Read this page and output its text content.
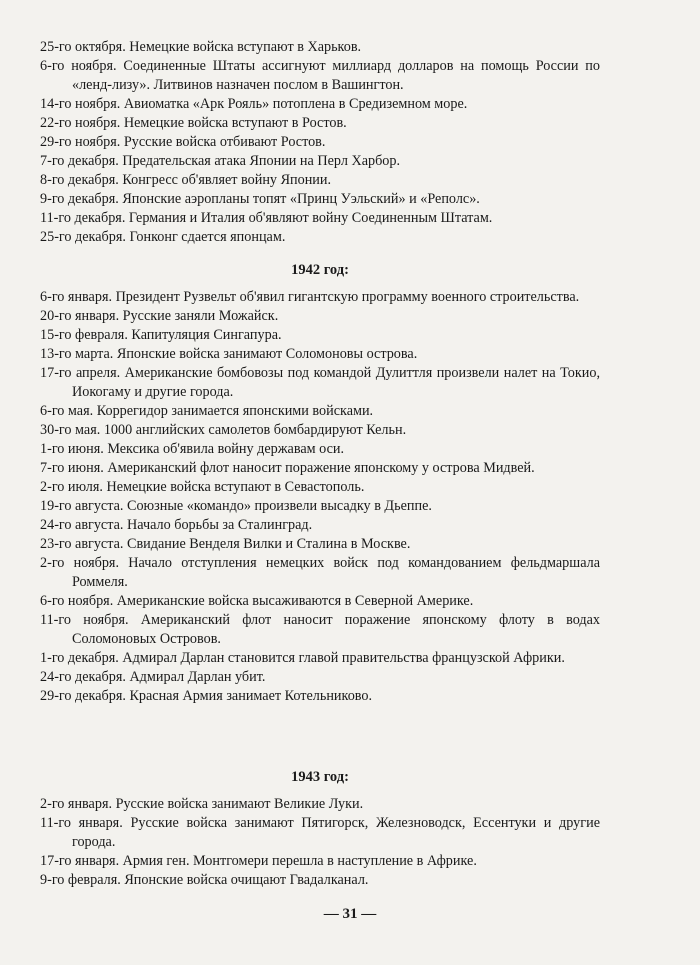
25-го октября. Немецкие войска вступают в Харьков.

6-го ноября. Соединенные Штаты ассигнуют миллиард долларов на помощь России по «ленд-лизу». Литвинов назначен послом в Вашингтон.

14-го ноября. Авиоматка «Арк Рояль» потоплена в Средиземном море.

22-го ноября. Немецкие войска вступают в Ростов.

29-го ноября. Русские войска отбивают Ростов.

7-го декабря. Предательская атака Японии на Перл Харбор.

8-го декабря. Конгресс об'являет войну Японии.

9-го декабря. Японские аэропланы топят «Принц Уэльский» и «Реполс».

11-го декабря. Германия и Италия об'являют войну Соединенным Штатам.

25-го декабря. Гонконг сдается японцам.

1942 год:

6-го января. Президент Рузвельт об'явил гигантскую программу военного строительства.

20-го января. Русские заняли Можайск.

15-го февраля. Капитуляция Сингапура.

13-го марта. Японские войска занимают Соломоновы острова.

17-го апреля. Американские бомбовозы под командой Дулиттля произвели налет на Токио, Иокогаму и другие города.

6-го мая. Коррегидор занимается японскими войсками.

30-го мая. 1000 английских самолетов бомбардируют Кельн.

1-го июня. Мексика об'явила войну державам оси.

7-го июня. Американский флот наносит поражение японскому у острова Мидвей.

2-го июля. Немецкие войска вступают в Севастополь.

19-го августа. Союзные «командо» произвели высадку в Дьеппе.

24-го августа. Начало борьбы за Сталинград.

23-го августа. Свидание Венделя Вилки и Сталина в Москве.

2-го ноября. Начало отступления немецких войск под командованием фельдмаршала Роммеля.

6-го ноября. Американские войска высаживаются в Северной Америке.

11-го ноября. Американский флот наносит поражение японскому флоту в водах Соломоновых Островов.

1-го декабря. Адмирал Дарлан становится главой правительства французской Африки.

24-го декабря. Адмирал Дарлан убит.

29-го декабря. Красная Армия занимает Котельниково.

1943 год:

2-го января. Русские войска занимают Великие Луки.

11-го января. Русские войска занимают Пятигорск, Железноводск, Ессентуки и другие города.

17-го января. Армия ген. Монтгомери перешла в наступление в Африке.

9-го февраля. Японские войска очищают Гвадалканал.

— 31 —
